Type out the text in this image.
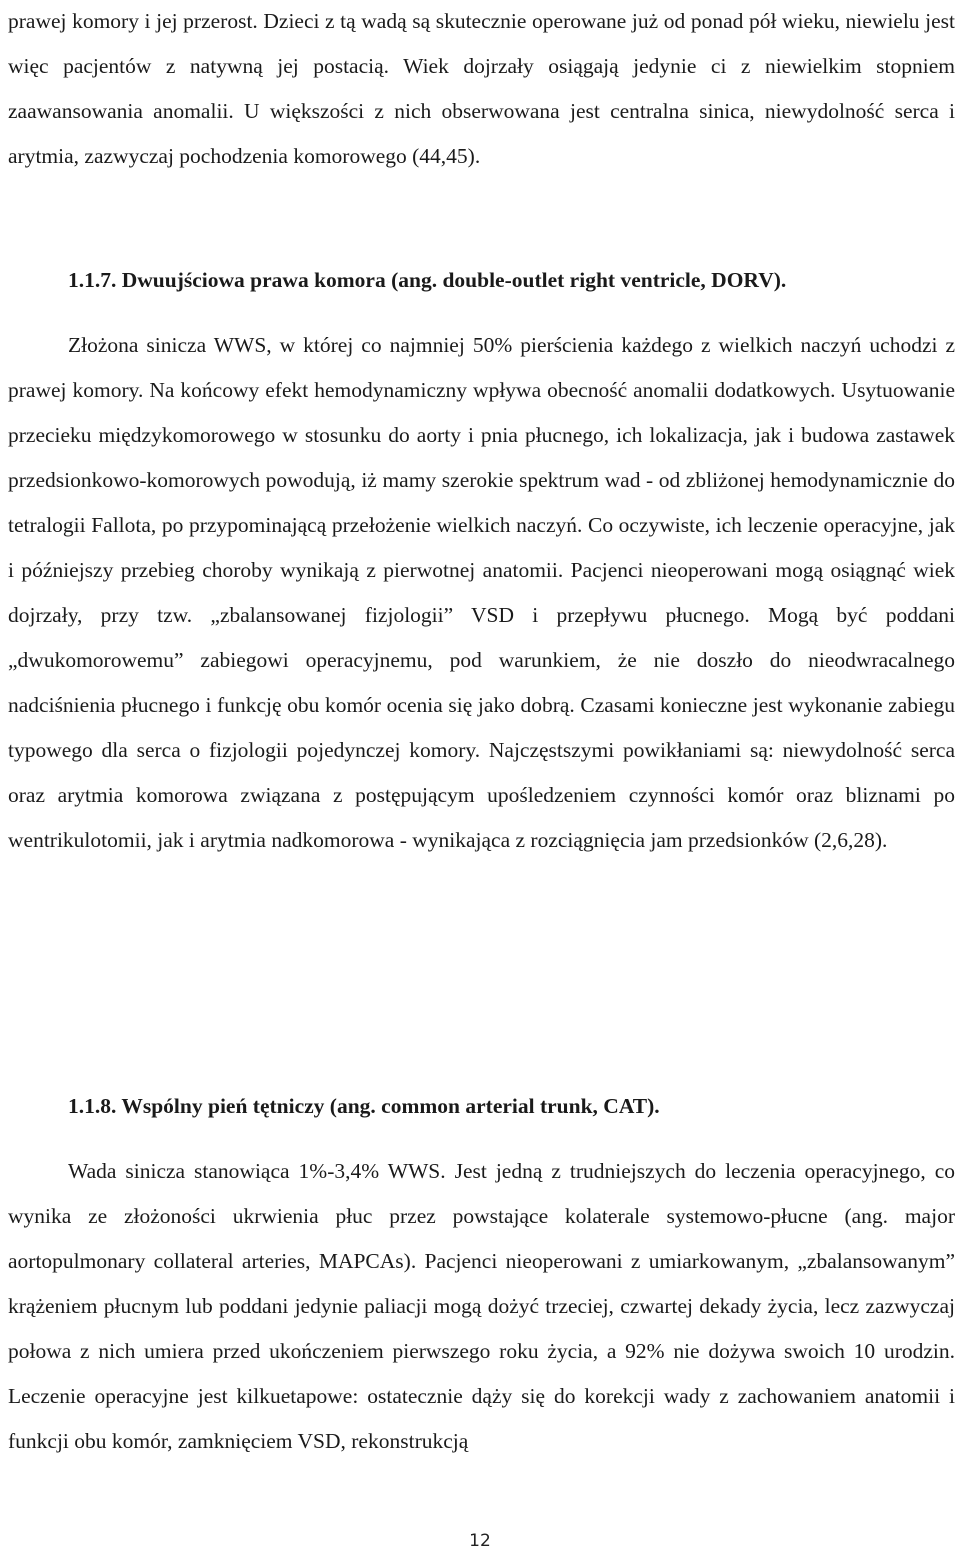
prawej komory i jej przerost. Dzieci z tą wadą są skutecznie operowane już od ponad pół wieku, niewielu jest więc pacjentów z natywną jej postacią. Wiek dojrzały osiągają jedynie ci z niewielkim stopniem zaawansowania anomalii. U większości z nich obserwowana jest centralna sinica, niewydolność serca i arytmia, zazwyczaj pochodzenia komorowego (44,45).

1.1.7. Dwuujściowa prawa komora (ang. double-outlet right ventricle, DORV).

Złożona sinicza WWS, w której co najmniej 50% pierścienia każdego z wielkich naczyń uchodzi z prawej komory. Na końcowy efekt hemodynamiczny wpływa obecność anomalii dodatkowych. Usytuowanie przecieku międzykomorowego w stosunku do aorty i pnia płucnego, ich lokalizacja, jak i budowa zastawek przedsionkowo-komorowych powodują, iż mamy szerokie spektrum wad - od zbliżonej hemodynamicznie do tetralogii Fallota, po przypominającą przełożenie wielkich naczyń. Co oczywiste, ich leczenie operacyjne, jak i późniejszy przebieg choroby wynikają z pierwotnej anatomii. Pacjenci nieoperowani mogą osiągnąć wiek dojrzały, przy tzw. „zbalansowanej fizjologii” VSD i przepływu płucnego. Mogą być poddani „dwukomorowemu” zabiegowi operacyjnemu, pod warunkiem, że nie doszło do nieodwracalnego nadciśnienia płucnego i funkcję obu komór ocenia się jako dobrą. Czasami konieczne jest wykonanie zabiegu typowego dla serca o fizjologii pojedynczej komory. Najczęstszymi powikłaniami są: niewydolność serca oraz arytmia komorowa związana z postępującym upośledzeniem czynności komór oraz bliznami po wentrikulotomii, jak i arytmia nadkomorowa - wynikająca z rozciągnięcia jam przedsionków (2,6,28).

1.1.8. Wspólny pień tętniczy (ang. common arterial trunk, CAT).

Wada sinicza stanowiąca 1%-3,4% WWS. Jest jedną z trudniejszych do leczenia operacyjnego, co wynika ze złożoności ukrwienia płuc przez powstające kolaterale systemowo-płucne (ang. major aortopulmonary collateral arteries, MAPCAs). Pacjenci nieoperowani z umiarkowanym, „zbalansowanym” krążeniem płucnym lub poddani jedynie paliacji mogą dożyć trzeciej, czwartej dekady życia, lecz zazwyczaj połowa z nich umiera przed ukończeniem pierwszego roku życia, a 92% nie dożywa swoich 10 urodzin. Leczenie operacyjne jest kilkuetapowe: ostatecznie dąży się do korekcji wady z zachowaniem anatomii i funkcji obu komór, zamknięciem VSD, rekonstrukcją

12
